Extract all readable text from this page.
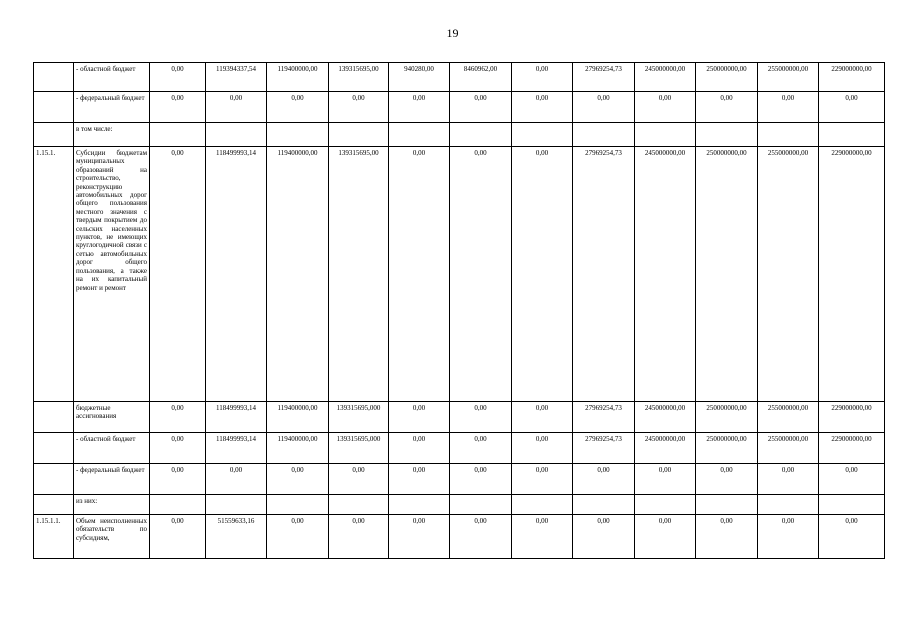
19
	- областной бюджет	0,00	119394337,54	119400000,00	139315695,00	940280,00	8460962,00	0,00	27969254,73	245000000,00	250000000,00	255000000,00	229000000,00
	- федеральный бюджет	0,00	0,00	0,00	0,00	0,00	0,00	0,00	0,00	0,00	0,00	0,00	0,00
	в том числе:												
1.15.1.	Субсидии бюджетам муниципальных образований на строительство, реконструкцию автомобильных дорог общего пользования местного значения с твердым покрытием до сельских населенных пунктов, не имеющих круглогодичной связи с сетью автомобильных дорог общего пользования, а также на их капитальный ремонт и ремонт	0,00	118499993,14	119400000,00	139315695,00	0,00	0,00	0,00	27969254,73	245000000,00	250000000,00	255000000,00	229000000,00
	бюджетные ассигнования	0,00	118499993,14	119400000,00	139315695,000	0,00	0,00	0,00	27969254,73	245000000,00	250000000,00	255000000,00	229000000,00
	- областной бюджет	0,00	118499993,14	119400000,00	139315695,000	0,00	0,00	0,00	27969254,73	245000000,00	250000000,00	255000000,00	229000000,00
	- федеральный бюджет	0,00	0,00	0,00	0,00	0,00	0,00	0,00	0,00	0,00	0,00	0,00	0,00
	из них:												
1.15.1.1.	Объем неисполненных обязательств по субсидиям,	0,00	51559633,16	0,00	0,00	0,00	0,00	0,00	0,00	0,00	0,00	0,00	0,00
